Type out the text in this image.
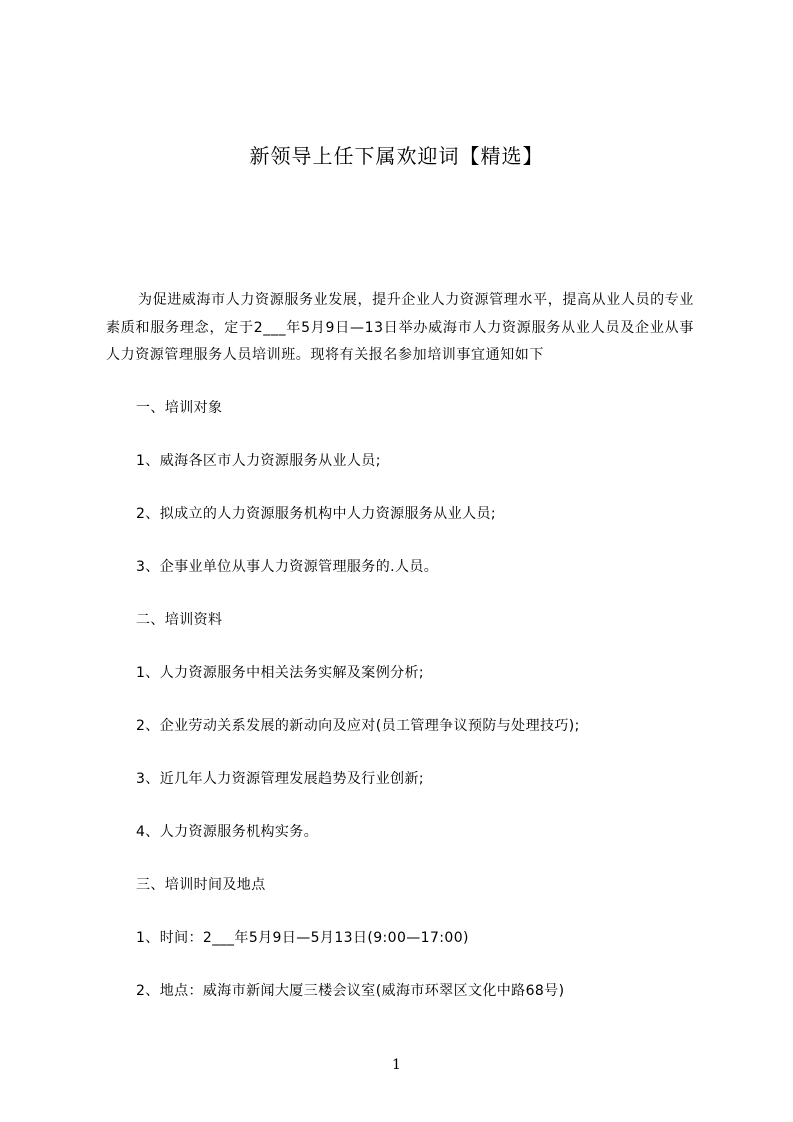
新领导上任下属欢迎词【精选】

为促进威海市人力资源服务业发展，提升企业人力资源管理水平，提高从业人员的专业素质和服务理念，定于2___年5月9日—13日举办威海市人力资源服务从业人员及企业从事人力资源管理服务人员培训班。现将有关报名参加培训事宜通知如下

一、培训对象

1、威海各区市人力资源服务从业人员;

2、拟成立的人力资源服务机构中人力资源服务从业人员;

3、企事业单位从事人力资源管理服务的.人员。

二、培训资料

1、人力资源服务中相关法务实解及案例分析;

2、企业劳动关系发展的新动向及应对(员工管理争议预防与处理技巧);

3、近几年人力资源管理发展趋势及行业创新;

4、人力资源服务机构实务。

三、培训时间及地点

1、时间：2___年5月9日—5月13日(9:00—17:00)

2、地点：威海市新闻大厦三楼会议室(威海市环翠区文化中路68号)

1
